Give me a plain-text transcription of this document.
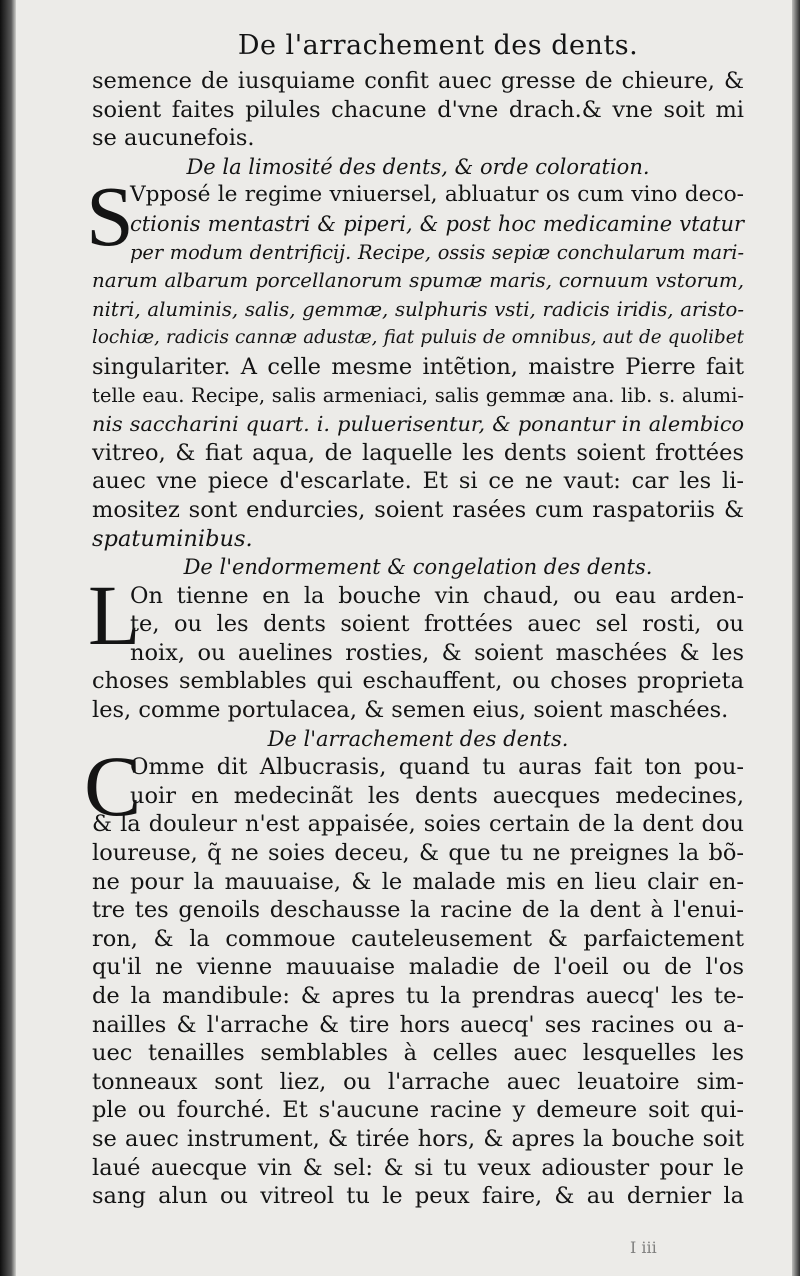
De l'arrachement des dents.
semence de iusquiame confit auec gresse de chieure, &
soient faites pilules chacune d'vne drach.& vne soit mi
se aucunefois.
De la limosité des dents, & orde coloration.
S
Vpposé le regime vniuersel, abluatur os cum vino deco-
ctionis mentastri & piperi, & post hoc medicamine vtatur
per modum dentrificij. Recipe, ossis sepiæ conchularum mari-
narum albarum porcellanorum spumæ maris, cornuum vstorum,
nitri, aluminis, salis, gemmæ, sulphuris vsti, radicis iridis, aristo-
lochiæ, radicis cannæ adustæ, fiat puluis de omnibus, aut de quolibet
singulariter. A celle mesme intẽtion, maistre Pierre fait
telle eau. Recipe, salis armeniaci, salis gemmæ ana. lib. s. alumi-
nis saccharini quart. i. puluerisentur, & ponantur in alembico
vitreo, & fiat aqua, de laquelle les dents soient frottées
auec vne piece d'escarlate. Et si ce ne vaut: car les li-
mositez sont endurcies, soient rasées cum raspatoriis &
spatuminibus.
De l'endormement & congelation des dents.
L
On tienne en la bouche vin chaud, ou eau arden-
te, ou les dents soient frottées auec sel rosti, ou
noix, ou auelines rosties, & soient maschées & les
choses semblables qui eschauffent, ou choses proprieta
les, comme portulacea, & semen eius, soient maschées.
De l'arrachement des dents.
C
Omme dit Albucrasis, quand tu auras fait ton pou-
uoir en medecinãt les dents auecques medecines,
& la douleur n'est appaisée, soies certain de la dent dou
loureuse, q̃ ne soies deceu, & que tu ne preignes la bõ-
ne pour la mauuaise, & le malade mis en lieu clair en-
tre tes genoils deschausse la racine de la dent à l'enui-
ron, & la commoue cauteleusement & parfaictement
qu'il ne vienne mauuaise maladie de l'oeil ou de l'os
de la mandibule: & apres tu la prendras auecq' les te-
nailles & l'arrache & tire hors auecq' ses racines ou a-
uec tenailles semblables à celles auec lesquelles les
tonneaux sont liez, ou l'arrache auec leuatoire sim-
ple ou fourché. Et s'aucune racine y demeure soit qui-
se auec instrument, & tirée hors, & apres la bouche soit
laué auecque vin & sel: & si tu veux adiouster pour le
sang alun ou vitreol tu le peux faire, & au dernier la
I iii
